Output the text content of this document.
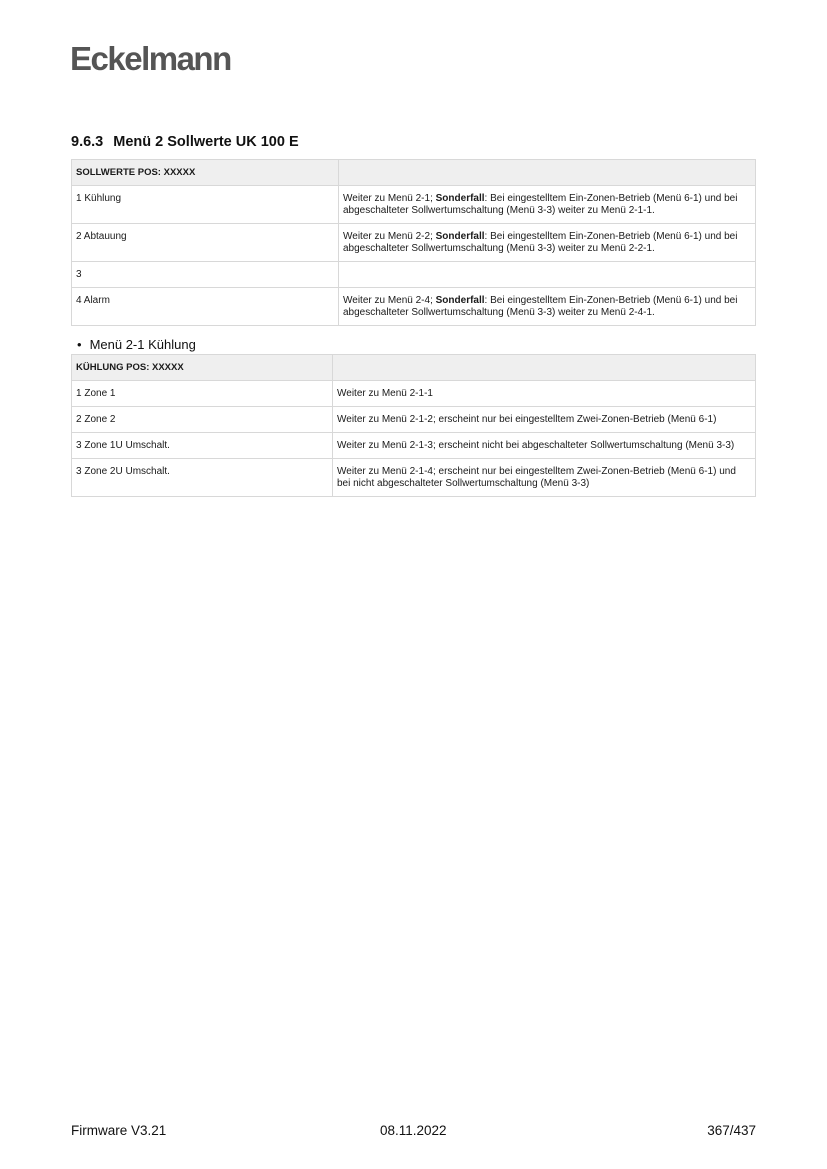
Eckelmann
9.6.3 Menü 2 Sollwerte UK 100 E
SOLLWERTE POS: XXXXX	
1 Kühlung	Weiter zu Menü 2-1; Sonderfall: Bei eingestelltem Ein-Zonen-Betrieb (Menü 6-1) und bei abgeschalteter Sollwertumschaltung (Menü 3-3) weiter zu Menü 2-1-1.
2 Abtauung	Weiter zu Menü 2-2; Sonderfall: Bei eingestelltem Ein-Zonen-Betrieb (Menü 6-1) und bei abgeschalteter Sollwertumschaltung (Menü 3-3) weiter zu Menü 2-2-1.
3	
4 Alarm	Weiter zu Menü 2-4; Sonderfall: Bei eingestelltem Ein-Zonen-Betrieb (Menü 6-1) und bei abgeschalteter Sollwertumschaltung (Menü 3-3) weiter zu Menü 2-4-1.
• Menü 2-1 Kühlung
KÜHLUNG POS: XXXXX	
1 Zone 1	Weiter zu Menü 2-1-1
2 Zone 2	Weiter zu Menü 2-1-2; erscheint nur bei eingestelltem Zwei-Zonen-Betrieb (Menü 6-1)
3 Zone 1U Umschalt.	Weiter zu Menü 2-1-3; erscheint nicht bei abgeschalteter Sollwertumschaltung (Menü 3-3)
3 Zone 2U Umschalt.	Weiter zu Menü 2-1-4; erscheint nur bei eingestelltem Zwei-Zonen-Betrieb (Menü 6-1) und bei nicht abgeschalteter Sollwertumschaltung (Menü 3-3)
Firmware V3.21	08.11.2022	367/437
